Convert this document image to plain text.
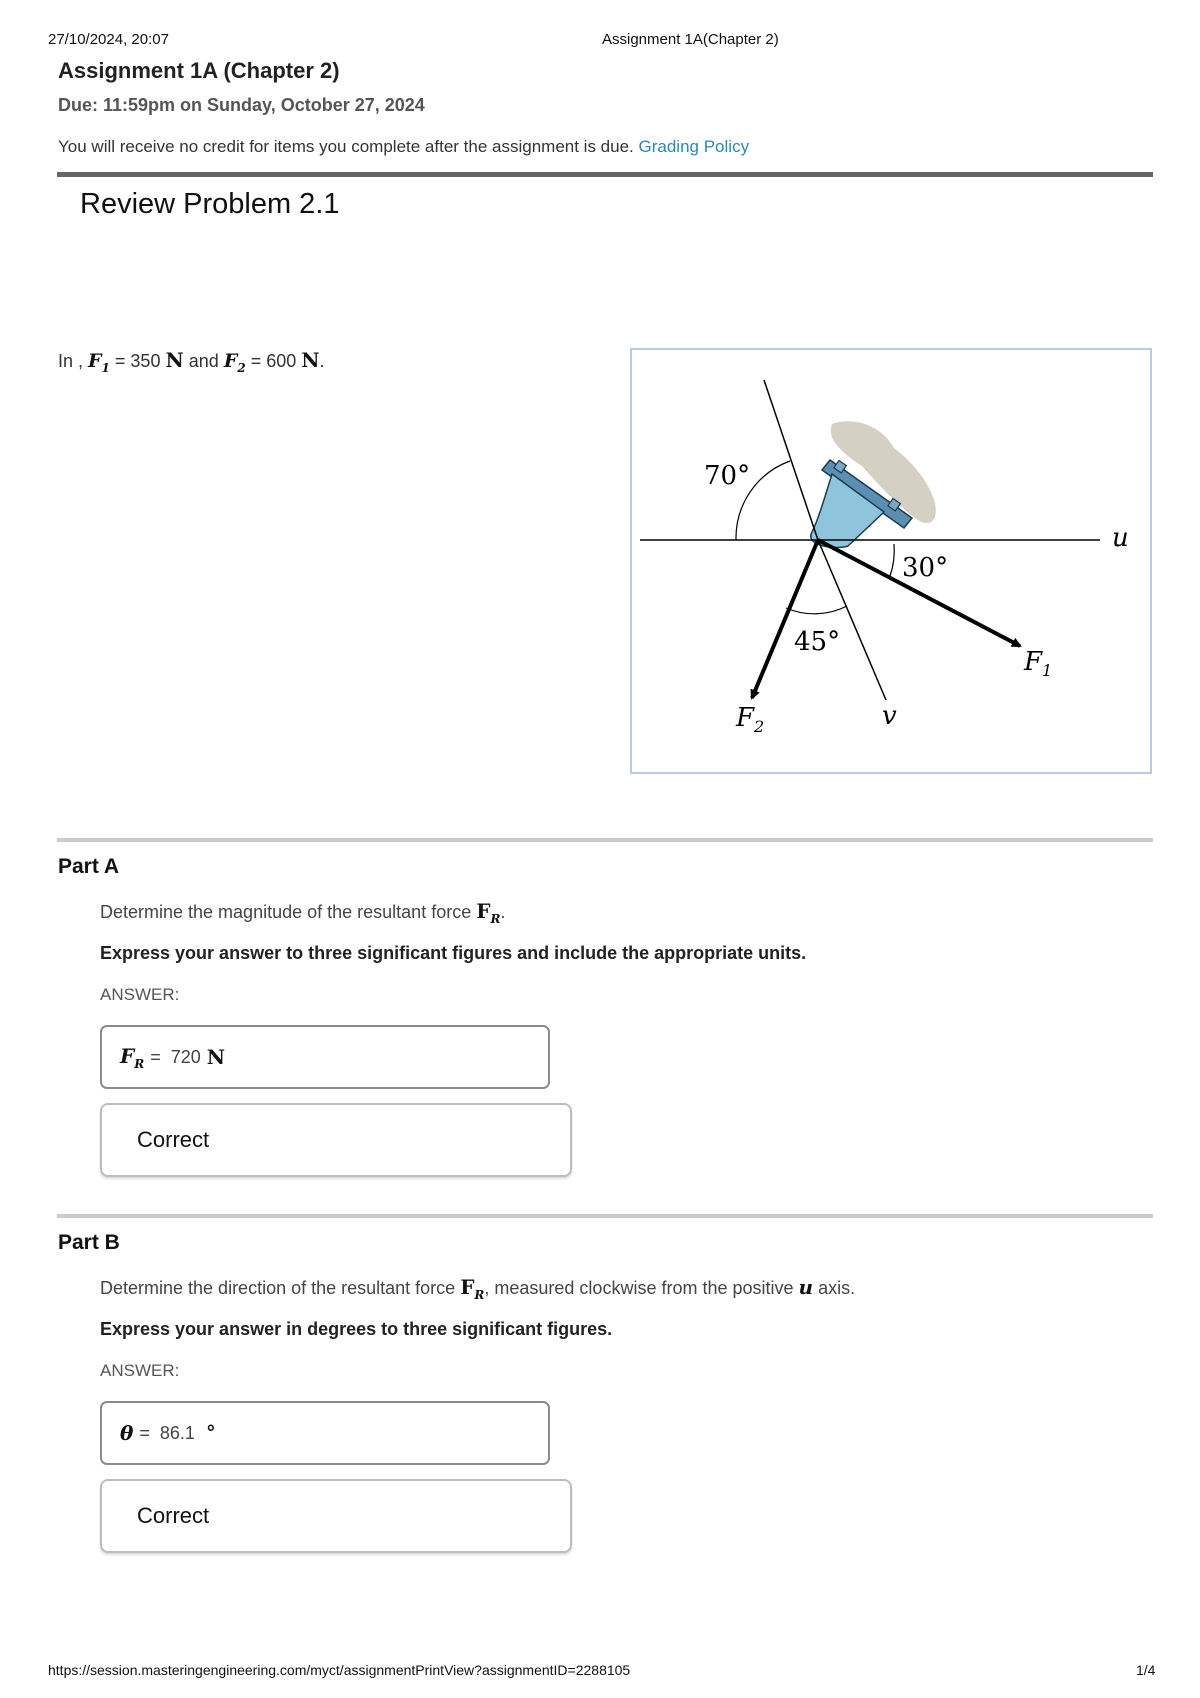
27/10/2024, 20:07	Assignment 1A(Chapter 2)
Assignment 1A (Chapter 2)
Due: 11:59pm on Sunday, October 27, 2024
You will receive no credit for items you complete after the assignment is due. Grading Policy
Review Problem 2.1
In , $F_1 = 350$ N and $F_2 = 600$ N.
70°
30°
45°
u
v
$F_1$
$F_2$
Part A
Determine the magnitude of the resultant force $F_R$.
Express your answer to three significant figures and include the appropriate units.
ANSWER:
$F_R = 720$ N
Correct
Part B
Determine the direction of the resultant force $F_R$, measured clockwise from the positive u axis.
Express your answer in degrees to three significant figures.
ANSWER:
θ = 86.1 °
Correct
https://session.masteringengineering.com/myct/assignmentPrintView?assignmentID=2288105	1/4
